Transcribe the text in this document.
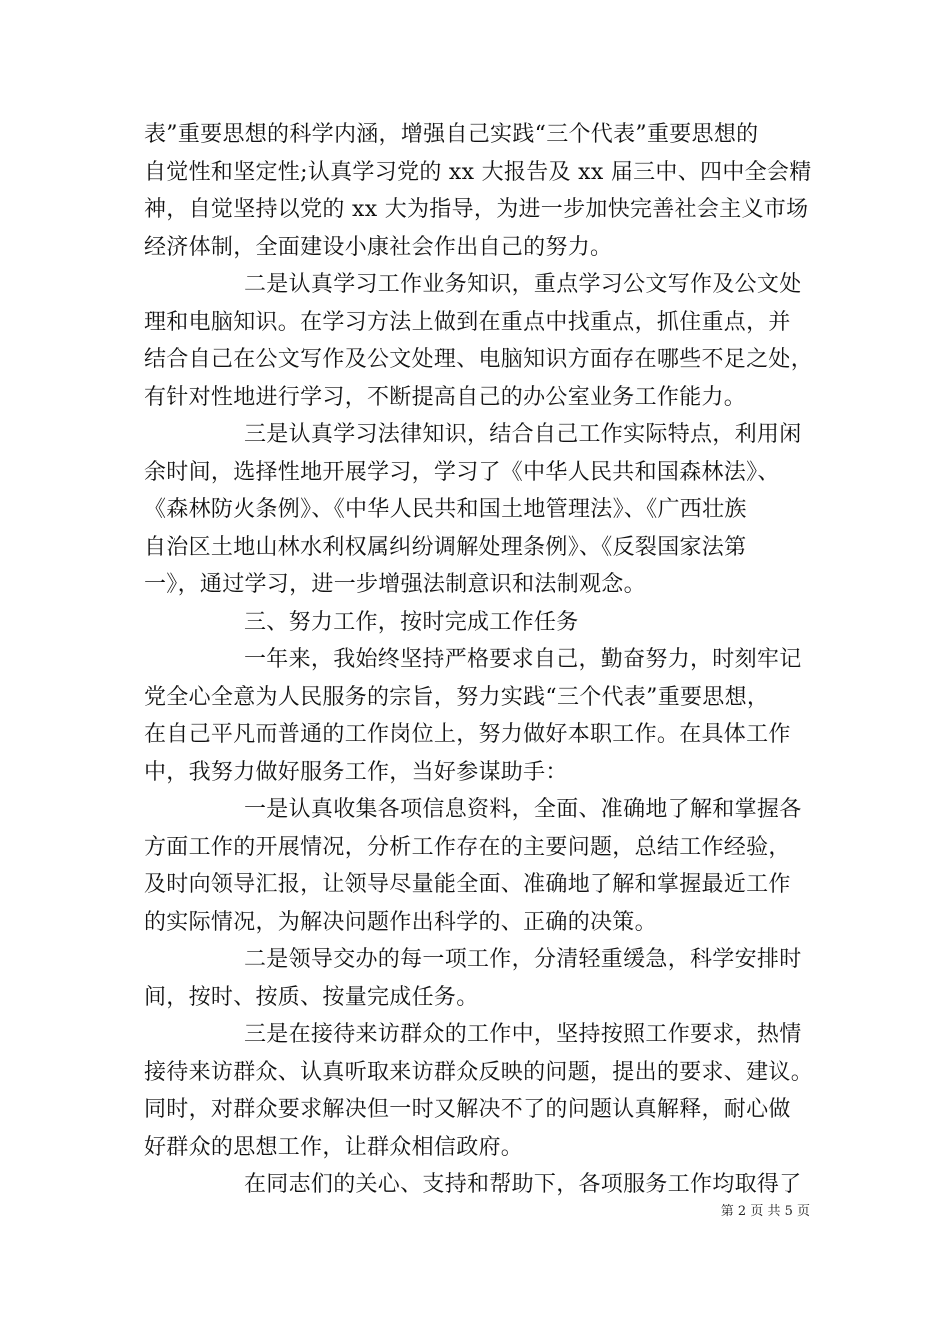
表”重要思想的科学内涵，增强自己实践“三个代表”重要思想的
自觉性和坚定性;认真学习党的 xx 大报告及 xx 届三中、四中全会精
神，自觉坚持以党的 xx 大为指导，为进一步加快完善社会主义市场
经济体制，全面建设小康社会作出自己的努力。
二是认真学习工作业务知识，重点学习公文写作及公文处
理和电脑知识。在学习方法上做到在重点中找重点，抓住重点，并
结合自己在公文写作及公文处理、电脑知识方面存在哪些不足之处，
有针对性地进行学习，不断提高自己的办公室业务工作能力。
三是认真学习法律知识，结合自己工作实际特点，利用闲
余时间，选择性地开展学习，学习了《中华人民共和国森林法》、
《森林防火条例》、《中华人民共和国土地管理法》、《广西壮族
自治区土地山林水利权属纠纷调解处理条例》、《反裂国家法第
一》，通过学习，进一步增强法制意识和法制观念。
三、努力工作，按时完成工作任务
一年来，我始终坚持严格要求自己，勤奋努力，时刻牢记
党全心全意为人民服务的宗旨，努力实践“三个代表”重要思想，
在自己平凡而普通的工作岗位上，努力做好本职工作。在具体工作
中，我努力做好服务工作，当好参谋助手：
一是认真收集各项信息资料，全面、准确地了解和掌握各
方面工作的开展情况，分析工作存在的主要问题，总结工作经验，
及时向领导汇报，让领导尽量能全面、准确地了解和掌握最近工作
的实际情况，为解决问题作出科学的、正确的决策。
二是领导交办的每一项工作，分清轻重缓急，科学安排时
间，按时、按质、按量完成任务。
三是在接待来访群众的工作中，坚持按照工作要求，热情
接待来访群众、认真听取来访群众反映的问题，提出的要求、建议。
同时，对群众要求解决但一时又解决不了的问题认真解释，耐心做
好群众的思想工作，让群众相信政府。
在同志们的关心、支持和帮助下，各项服务工作均取得了
第 2 页 共 5 页
